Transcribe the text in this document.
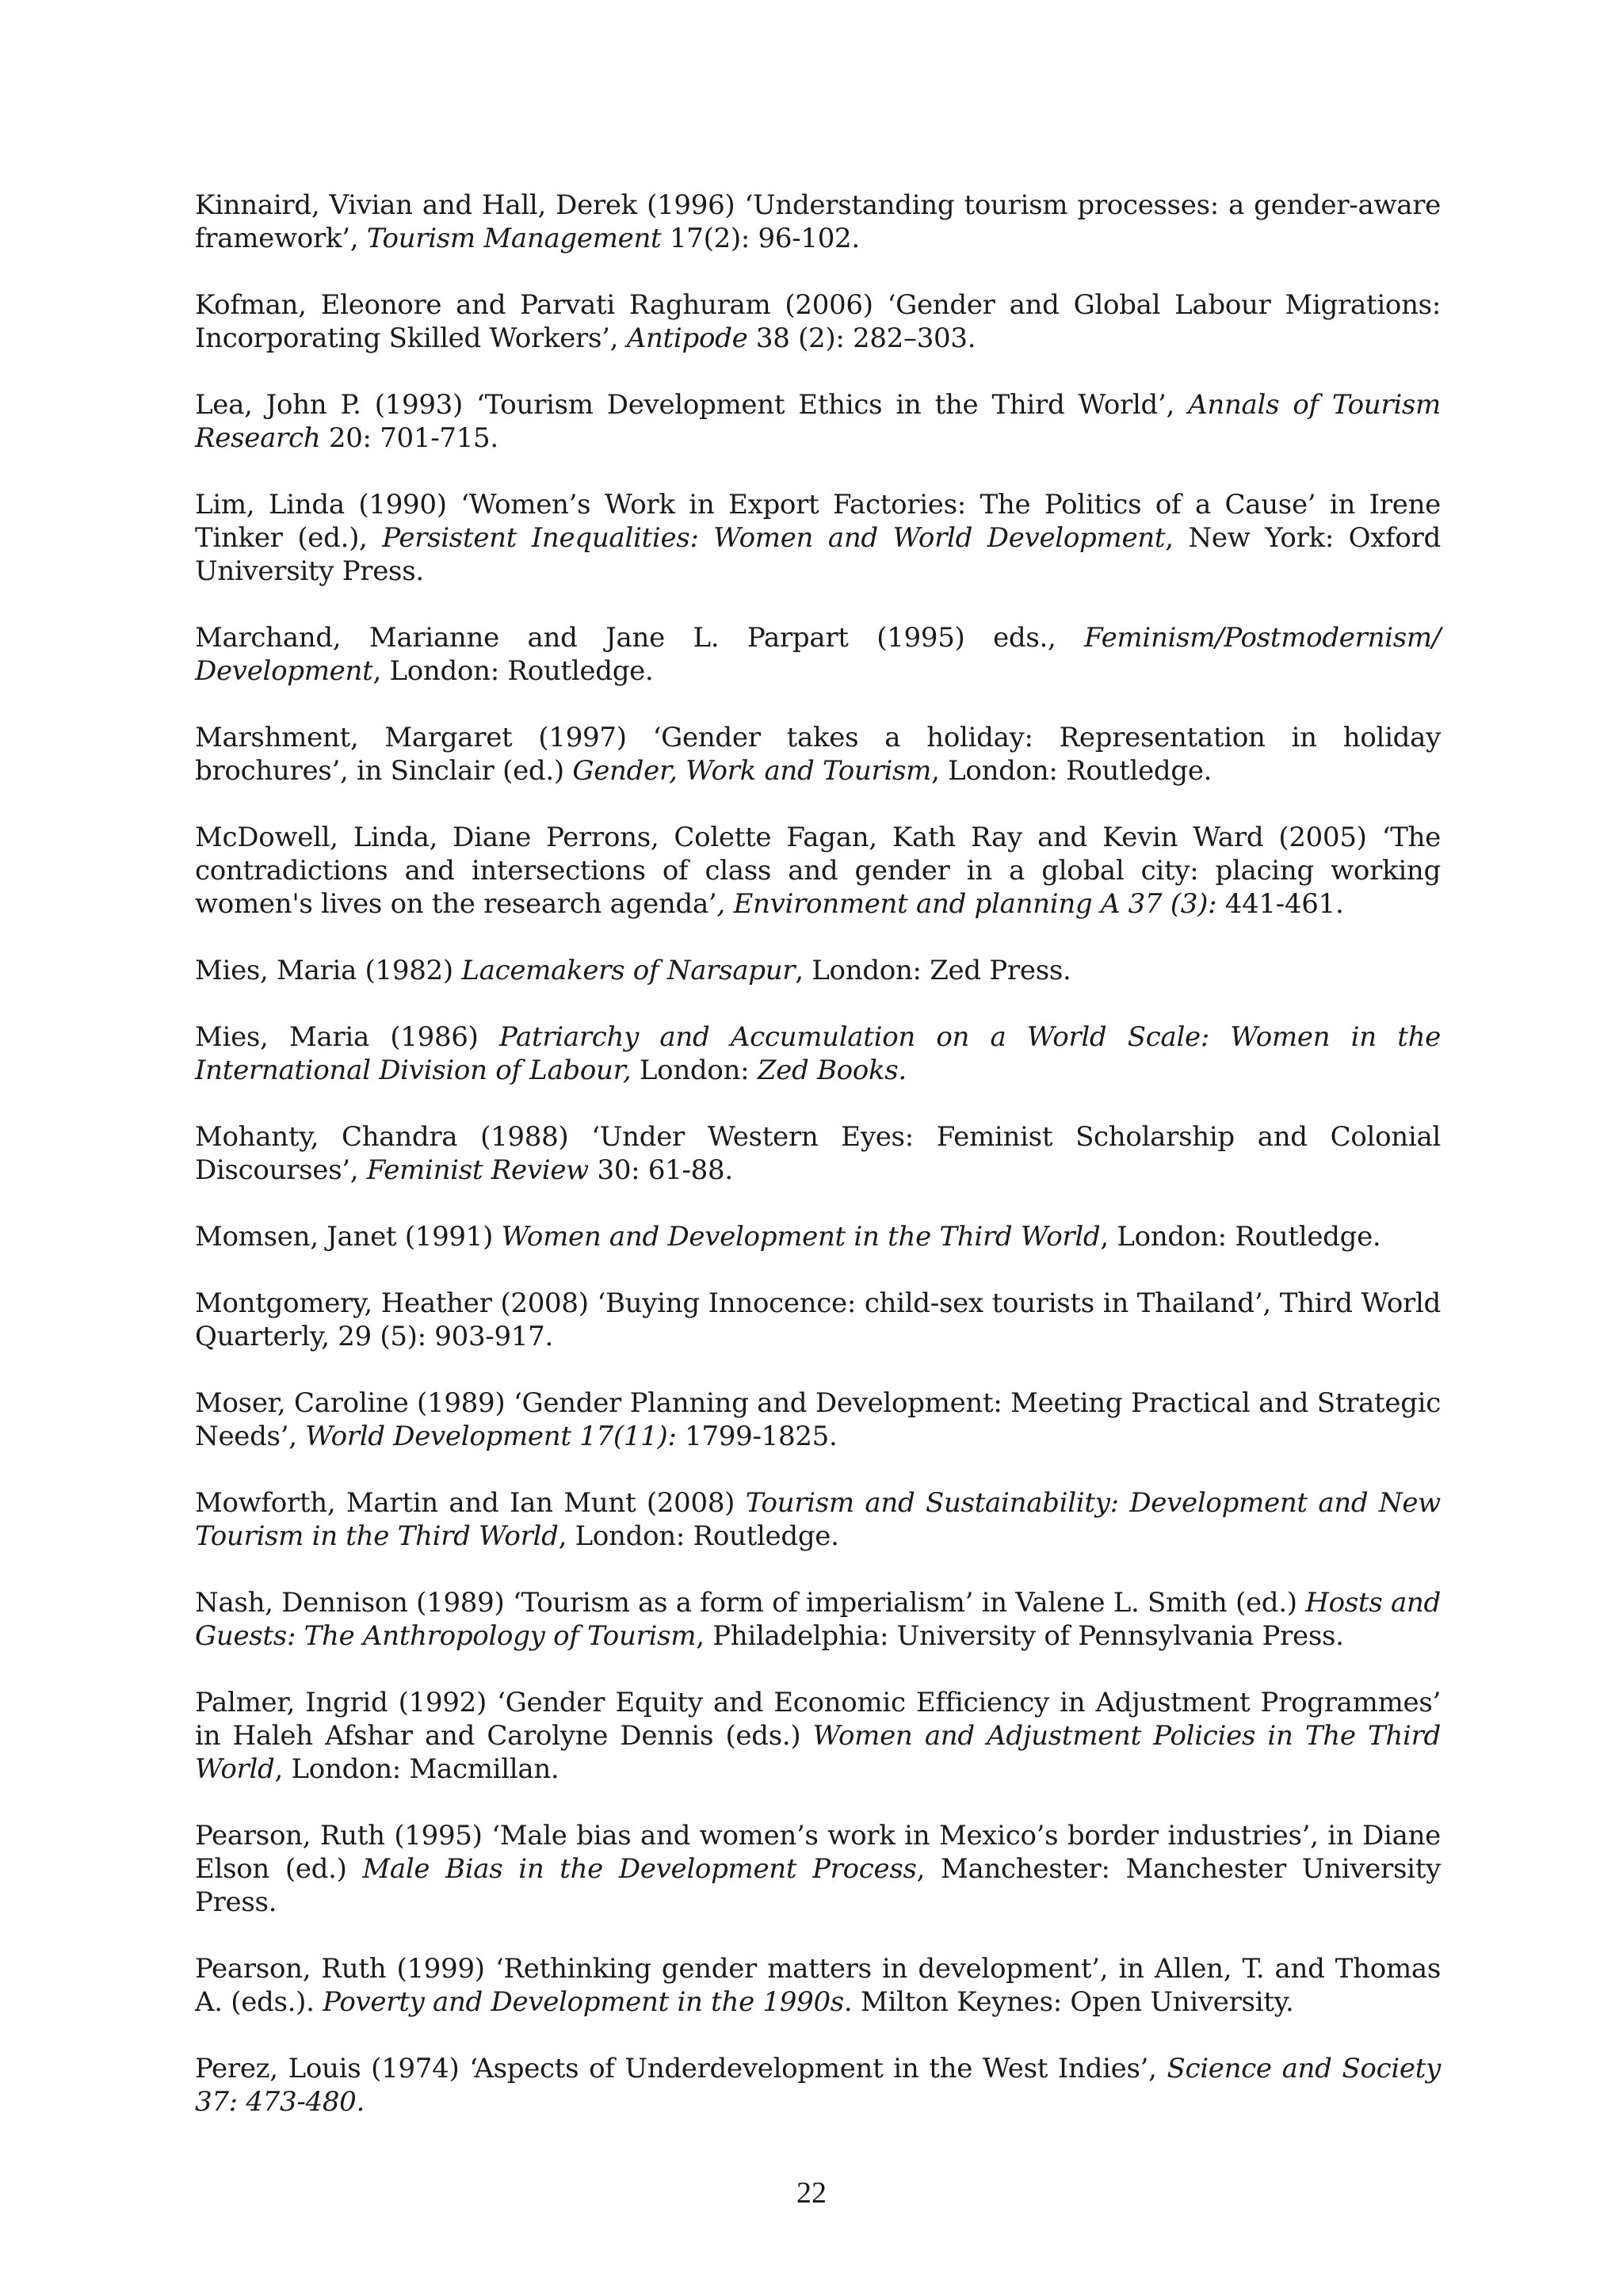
Kinnaird, Vivian and Hall, Derek (1996) ‘Understanding tourism processes: a gender-aware framework’, Tourism Management 17(2): 96-102.

Kofman, Eleonore and Parvati Raghuram (2006) ‘Gender and Global Labour Migrations: Incorporating Skilled Workers’, Antipode 38 (2): 282–303.

Lea, John P. (1993) ‘Tourism Development Ethics in the Third World’, Annals of Tourism Research 20: 701-715.

Lim, Linda (1990) ‘Women’s Work in Export Factories: The Politics of a Cause’ in Irene Tinker (ed.), Persistent Inequalities: Women and World Development, New York: Oxford University Press.

Marchand, Marianne and Jane L. Parpart (1995) eds., Feminism/Postmodernism/ Development, London: Routledge.

Marshment, Margaret (1997) ‘Gender takes a holiday: Representation in holiday brochures’, in Sinclair (ed.) Gender, Work and Tourism, London: Routledge.

McDowell, Linda, Diane Perrons, Colette Fagan, Kath Ray and Kevin Ward (2005) ‘The contradictions and intersections of class and gender in a global city: placing working women's lives on the research agenda’, Environment and planning A 37 (3): 441-461.

Mies, Maria (1982) Lacemakers of Narsapur, London: Zed Press.

Mies, Maria (1986) Patriarchy and Accumulation on a World Scale: Women in the International Division of Labour, London: Zed Books.

Mohanty, Chandra (1988) ‘Under Western Eyes: Feminist Scholarship and Colonial Discourses’, Feminist Review 30: 61-88.

Momsen, Janet (1991) Women and Development in the Third World, London: Routledge.

Montgomery, Heather (2008) ‘Buying Innocence: child-sex tourists in Thailand’, Third World Quarterly, 29 (5): 903-917.

Moser, Caroline (1989) ‘Gender Planning and Development: Meeting Practical and Strategic Needs’, World Development 17(11): 1799-1825.

Mowforth, Martin and Ian Munt (2008) Tourism and Sustainability: Development and New Tourism in the Third World, London: Routledge.

Nash, Dennison (1989) ‘Tourism as a form of imperialism’ in Valene L. Smith (ed.) Hosts and Guests: The Anthropology of Tourism, Philadelphia: University of Pennsylvania Press.

Palmer, Ingrid (1992) ‘Gender Equity and Economic Efficiency in Adjustment Programmes’ in Haleh Afshar and Carolyne Dennis (eds.) Women and Adjustment Policies in The Third World, London: Macmillan.

Pearson, Ruth (1995) ‘Male bias and women’s work in Mexico’s border industries’, in Diane Elson (ed.) Male Bias in the Development Process, Manchester: Manchester University Press.

Pearson, Ruth (1999) ‘Rethinking gender matters in development’, in Allen, T. and Thomas A. (eds.). Poverty and Development in the 1990s. Milton Keynes: Open University.

Perez, Louis (1974) ‘Aspects of Underdevelopment in the West Indies’, Science and Society 37: 473-480.

22
